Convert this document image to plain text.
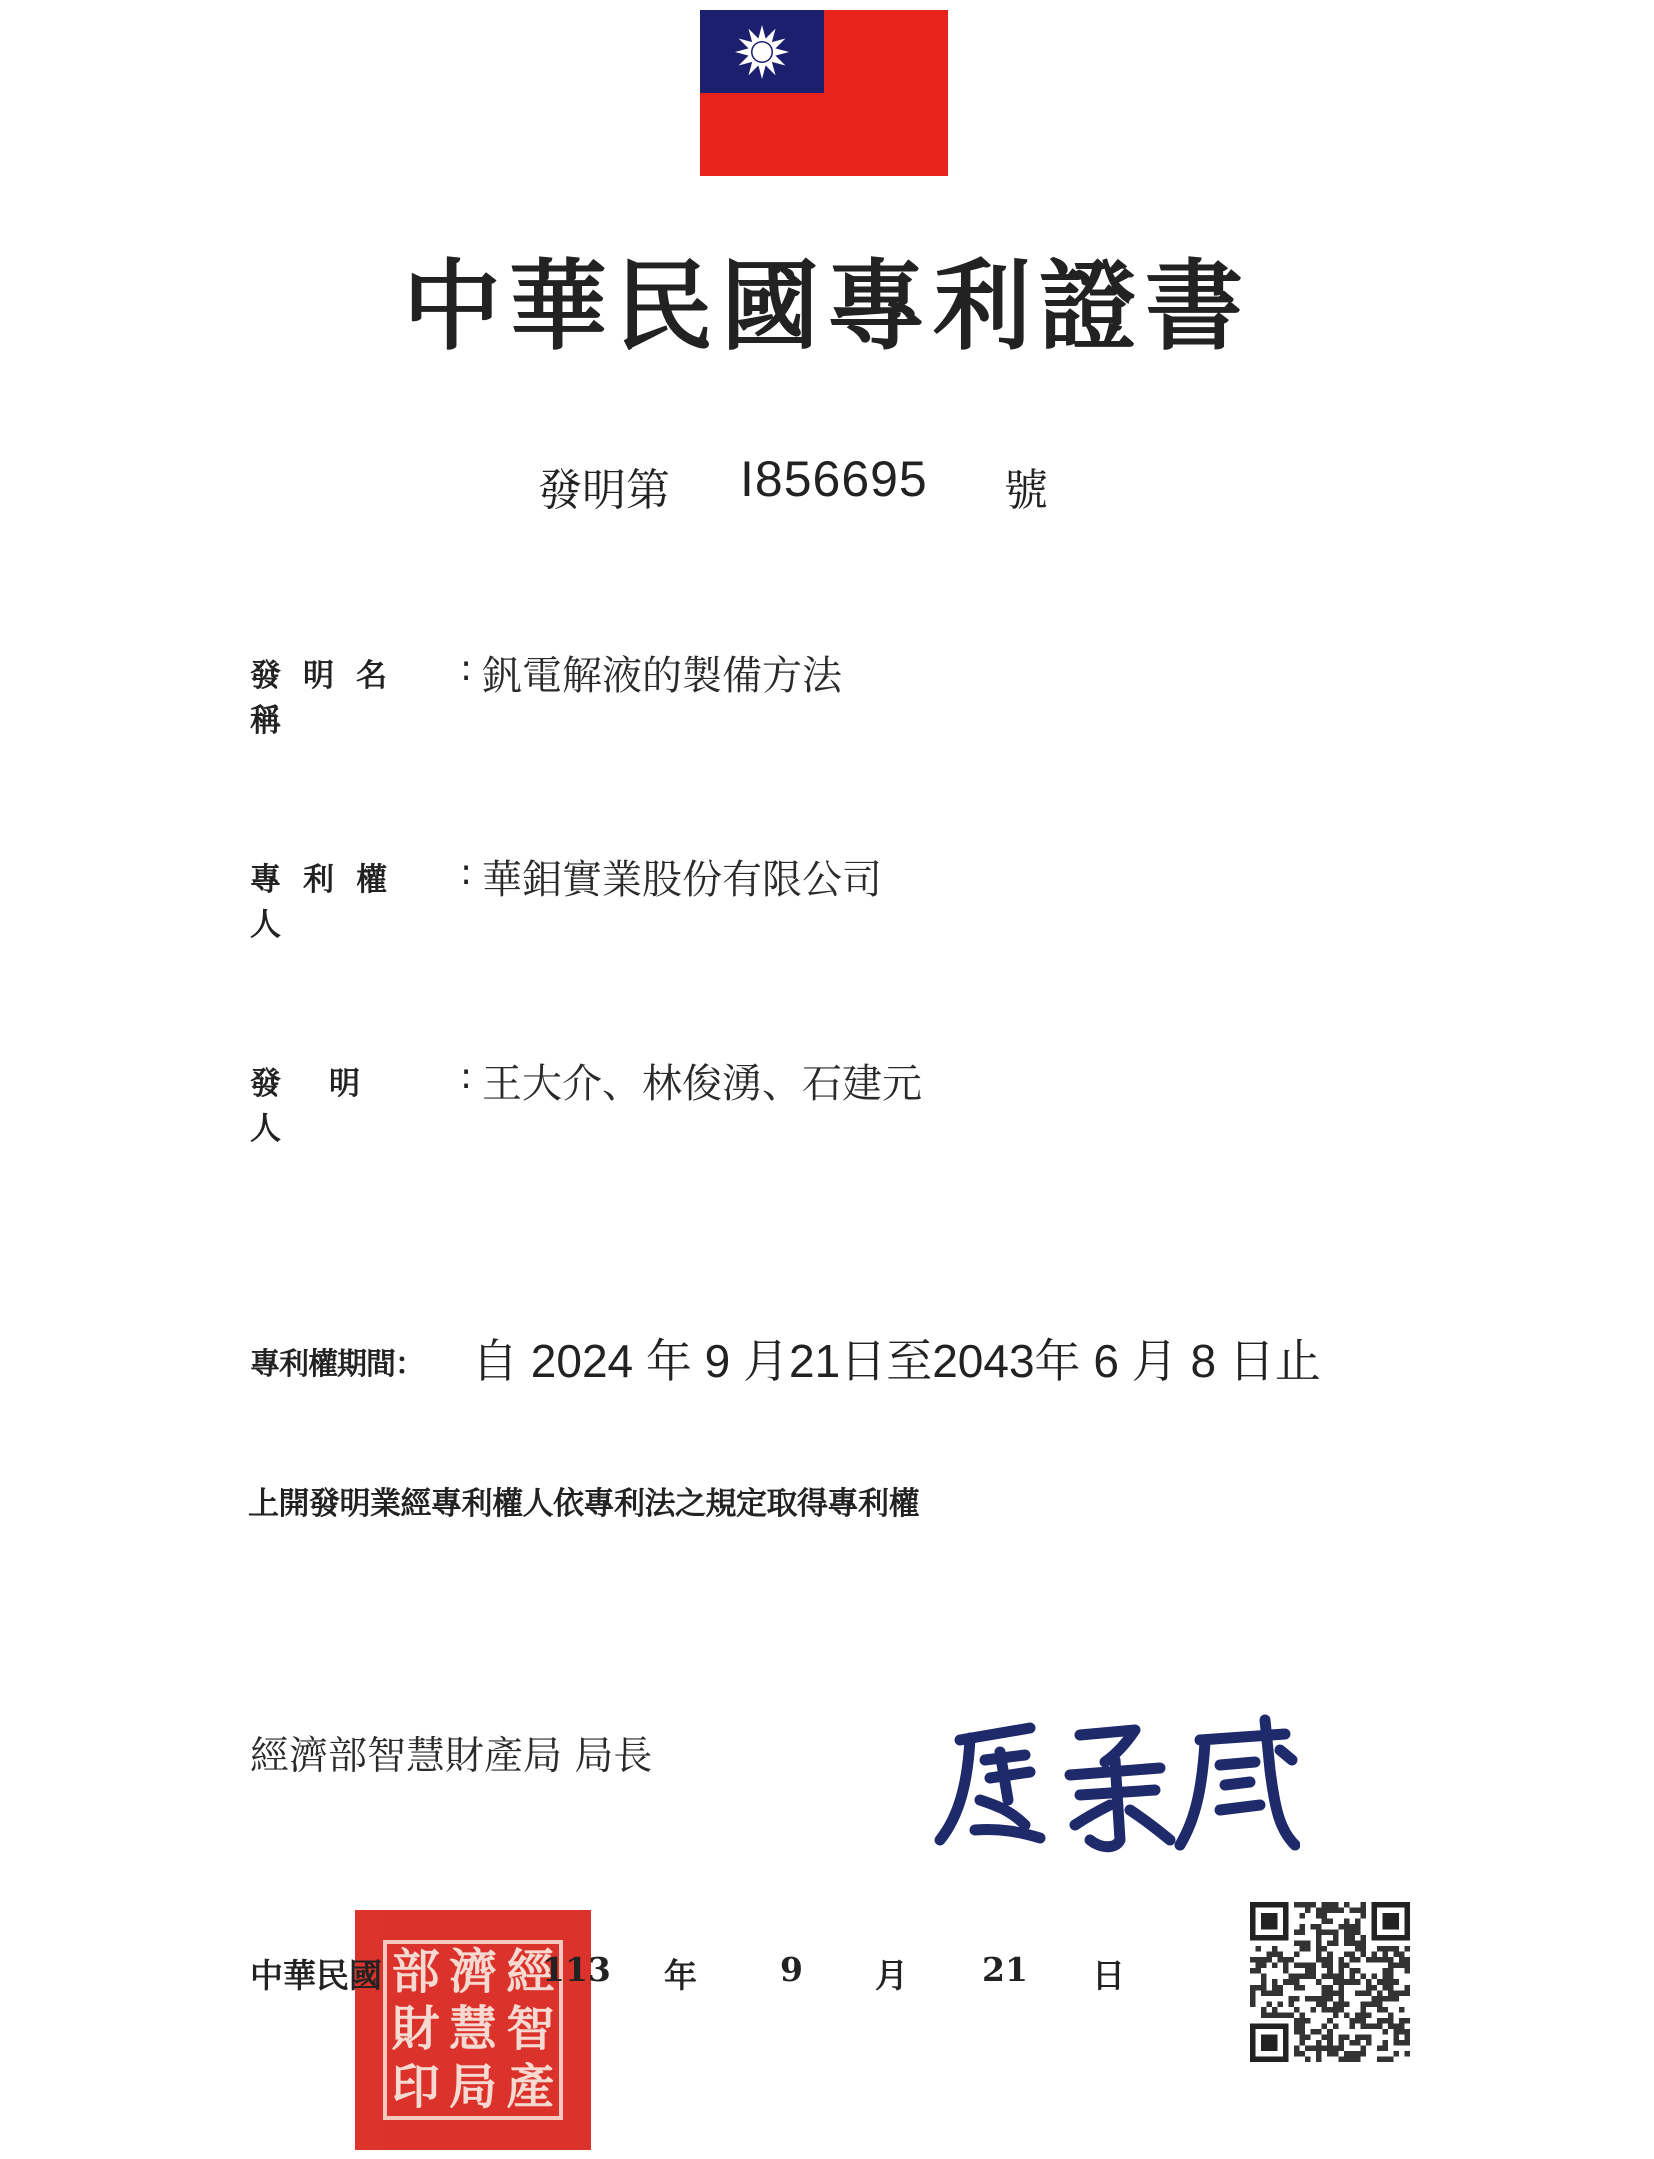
中華民國專利證書
發明第 I856695 號
發明名稱
: 釩電解液的製備方法
專利權人
: 華鉬實業股份有限公司
發明人
: 王大介、林俊湧、石建元
專利權期間： 自 2024 年 9 月21日至2043年 6 月 8 日止
上開發明業經專利權人依專利法之規定取得專利權
經濟部智慧財產局 局長
部 濟 經
財 慧 智
印 局 產
中華民國	113 年	9 月 21 日
